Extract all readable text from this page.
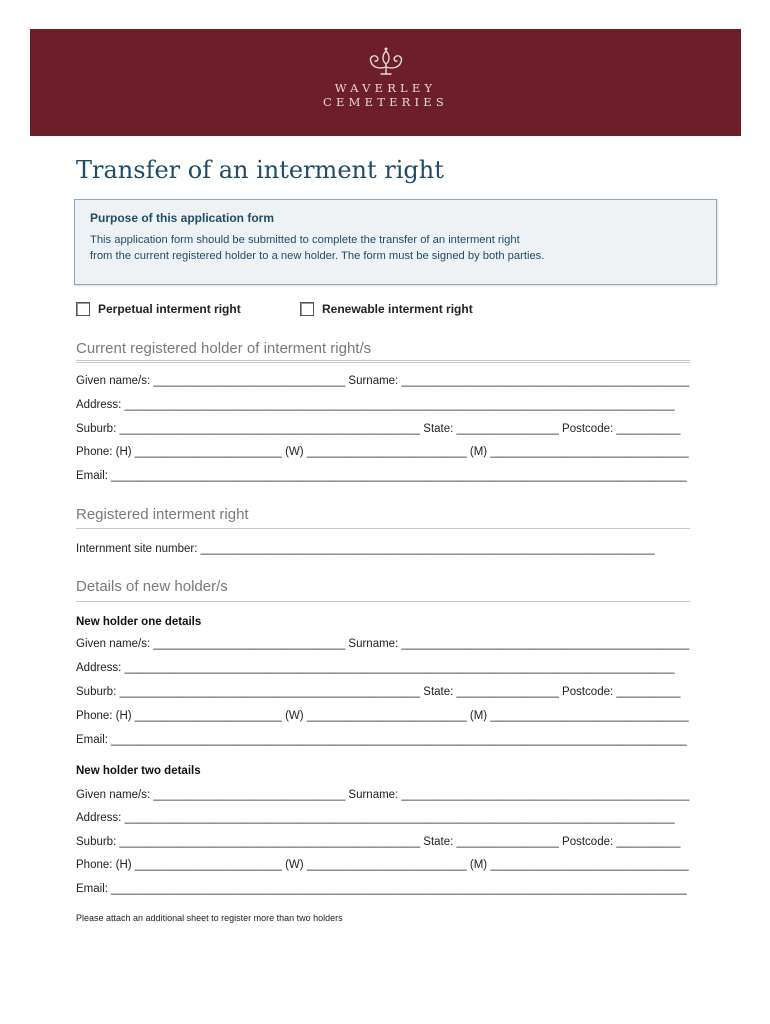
WAVERLEY
CEMETERIES
Transfer of an interment right
Purpose of this application form
This application form should be submitted to complete the transfer of an interment right
from the current registered holder to a new holder. The form must be signed by both parties.
Perpetual interment right	Renewable interment right
Current registered holder of interment right/s
Given name/s: ______________________________ Surname: _____________________________________________
Address: ______________________________________________________________________________________
Suburb: _______________________________________________ State: ________________ Postcode: __________
Phone: (H) _______________________ (W) _________________________ (M) _______________________________
Email: __________________________________________________________________________________________
Registered interment right
Internment site number: _______________________________________________________________________
Details of new holder/s
New holder one details
Given name/s: ______________________________ Surname: _____________________________________________
Address: ______________________________________________________________________________________
Suburb: _______________________________________________ State: ________________ Postcode: __________
Phone: (H) _______________________ (W) _________________________ (M) _______________________________
Email: __________________________________________________________________________________________
New holder two details
Given name/s: ______________________________ Surname: _____________________________________________
Address: ______________________________________________________________________________________
Suburb: _______________________________________________ State: ________________ Postcode: __________
Phone: (H) _______________________ (W) _________________________ (M) _______________________________
Email: __________________________________________________________________________________________
Please attach an additional sheet to register more than two holders
